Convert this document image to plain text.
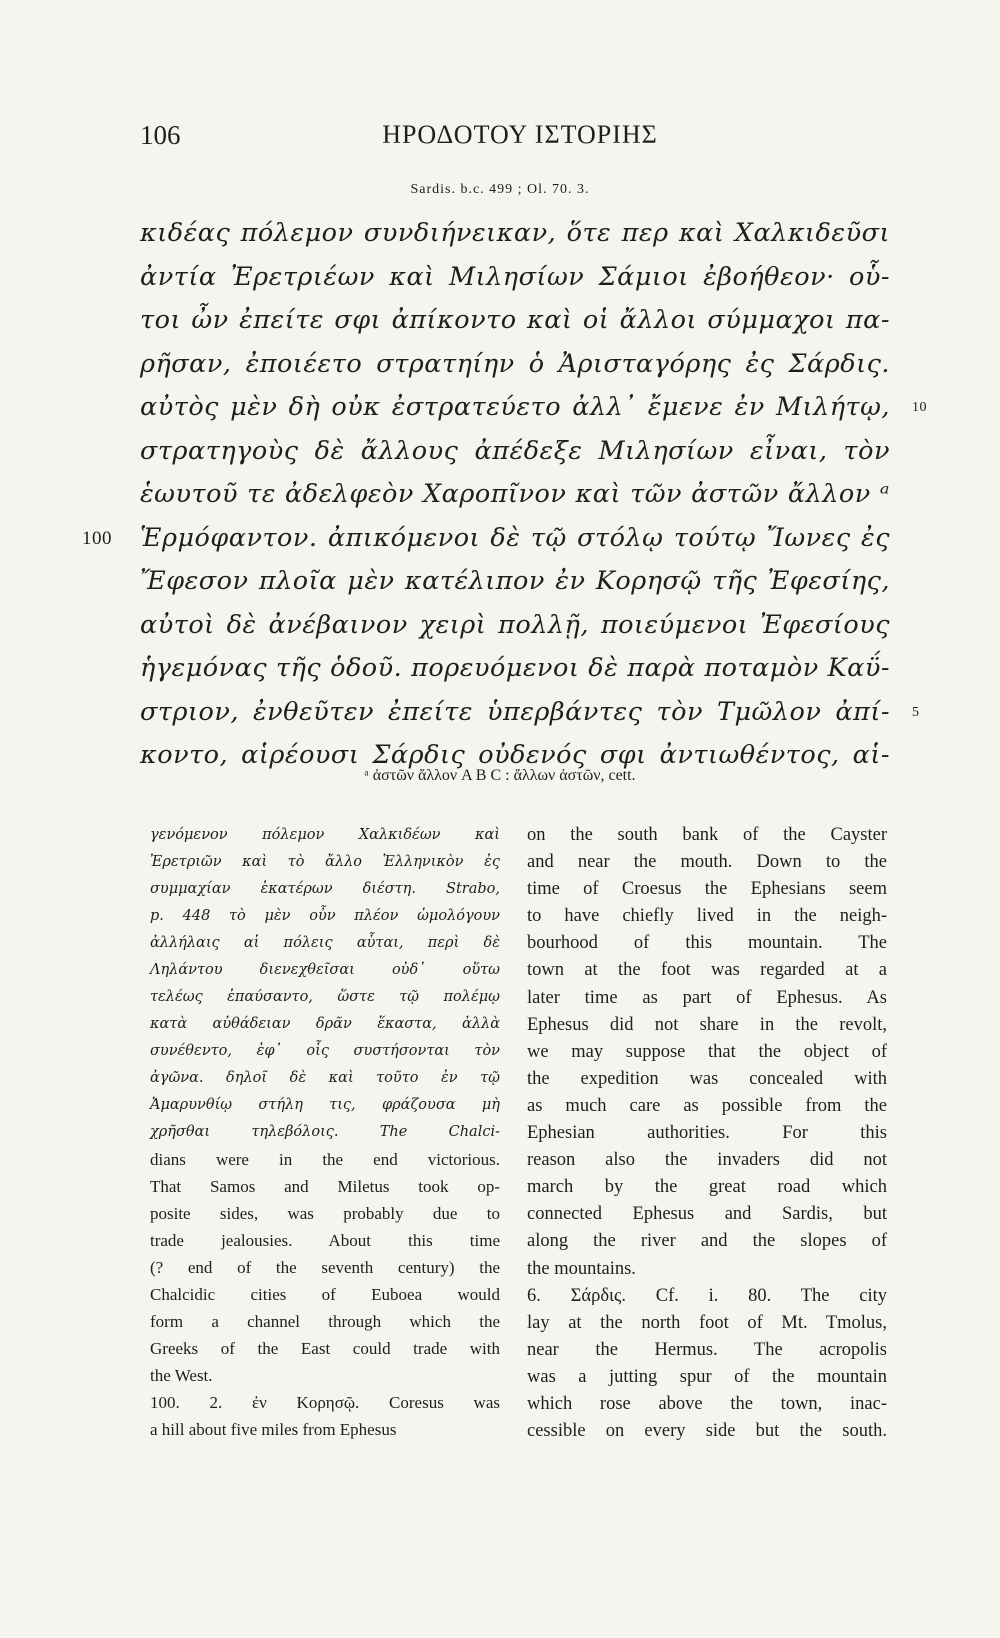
106	ΗΡΟΔΟΤΟΥ ΙΣΤΟΡΙΗΣ
Sardis. b.c. 499 ; Ol. 70. 3.
κιδέας πόλεμον συνδιήνεικαν, ὅτε περ καὶ Χαλκιδεῦσι
ἀντία Ἐρετριέων καὶ Μιλησίων Σάμιοι ἐβοήθεον· οὗ-
τοι ὦν ἐπείτε σφι ἀπίκοντο καὶ οἱ ἄλλοι σύμμαχοι πα-
ρῆσαν, ἐποιέετο στρατηίην ὁ Ἀρισταγόρης ἐς Σάρδις.
αὐτὸς μὲν δὴ οὐκ ἐστρατεύετο ἀλλ᾽ ἔμενε ἐν Μιλήτῳ, 10
στρατηγοὺς δὲ ἄλλους ἀπέδεξε Μιλησίων εἶναι, τὸν
ἑωυτοῦ τε ἀδελφεὸν Χαροπῖνον καὶ τῶν ἀστῶν ἄλλον ᵃ
Ἑρμόφαντον. ἀπικόμενοι δὲ τῷ στόλῳ τούτῳ Ἴωνες ἐς
100
Ἔφεσον πλοῖα μὲν κατέλιπον ἐν Κορησῷ τῆς Ἐφεσίης,
αὐτοὶ δὲ ἀνέβαινον χειρὶ πολλῇ, ποιεύμενοι Ἐφεσίους
ἡγεμόνας τῆς ὁδοῦ. πορευόμενοι δὲ παρὰ ποταμὸν Καΰ-
στριον, ἐνθεῦτεν ἐπείτε ὑπερβάντες τὸν Τμῶλον ἀπί- 5
κοντο, αἱρέουσι Σάρδις οὐδενός σφι ἀντιωθέντος, αἱ-
ᵃ ἀστῶν ἄλλον A B C : ἄλλων ἀστῶν, cett.
γενόμενον πόλεμον Χαλκιδέων καὶ
Ἐρετριῶν καὶ τὸ ἄλλο Ἑλληνικὸν ἐς
συμμαχίαν ἑκατέρων διέστη. Strabo,
p. 448 τὸ μὲν οὖν πλέον ὡμολόγουν
ἀλλήλαις αἱ πόλεις αὗται, περὶ δὲ
Ληλάντου διενεχθεῖσαι οὐδ᾽ οὕτω
τελέως ἐπαύσαντο, ὥστε τῷ πολέμῳ
κατὰ αὐθάδειαν δρᾶν ἕκαστα, ἀλλὰ
συνέθεντο, ἐφ᾽ οἷς συστήσονται τὸν
ἀγῶνα. δηλοῖ δὲ καὶ τοῦτο ἐν τῷ
Ἀμαρυνθίῳ στήλη τις, φράζουσα μὴ
χρῆσθαι τηλεβόλοις. The Chalci-
dians were in the end victorious.
That Samos and Miletus took op-
posite sides, was probably due to
trade jealousies. About this time
(? end of the seventh century) the
Chalcidic cities of Euboea would
form a channel through which the
Greeks of the East could trade with
the West.
100. 2. ἐν Κορησῷ. Coresus was
a hill about five miles from Ephesus
on the south bank of the Cayster
and near the mouth. Down to the
time of Croesus the Ephesians seem
to have chiefly lived in the neigh-
bourhood of this mountain. The
town at the foot was regarded at a
later time as part of Ephesus. As
Ephesus did not share in the revolt,
we may suppose that the object of
the expedition was concealed with
as much care as possible from the
Ephesian authorities. For this
reason also the invaders did not
march by the great road which
connected Ephesus and Sardis, but
along the river and the slopes of
the mountains.
6. Σάρδις. Cf. i. 80. The city
lay at the north foot of Mt. Tmolus,
near the Hermus. The acropolis
was a jutting spur of the mountain
which rose above the town, inac-
cessible on every side but the south.
